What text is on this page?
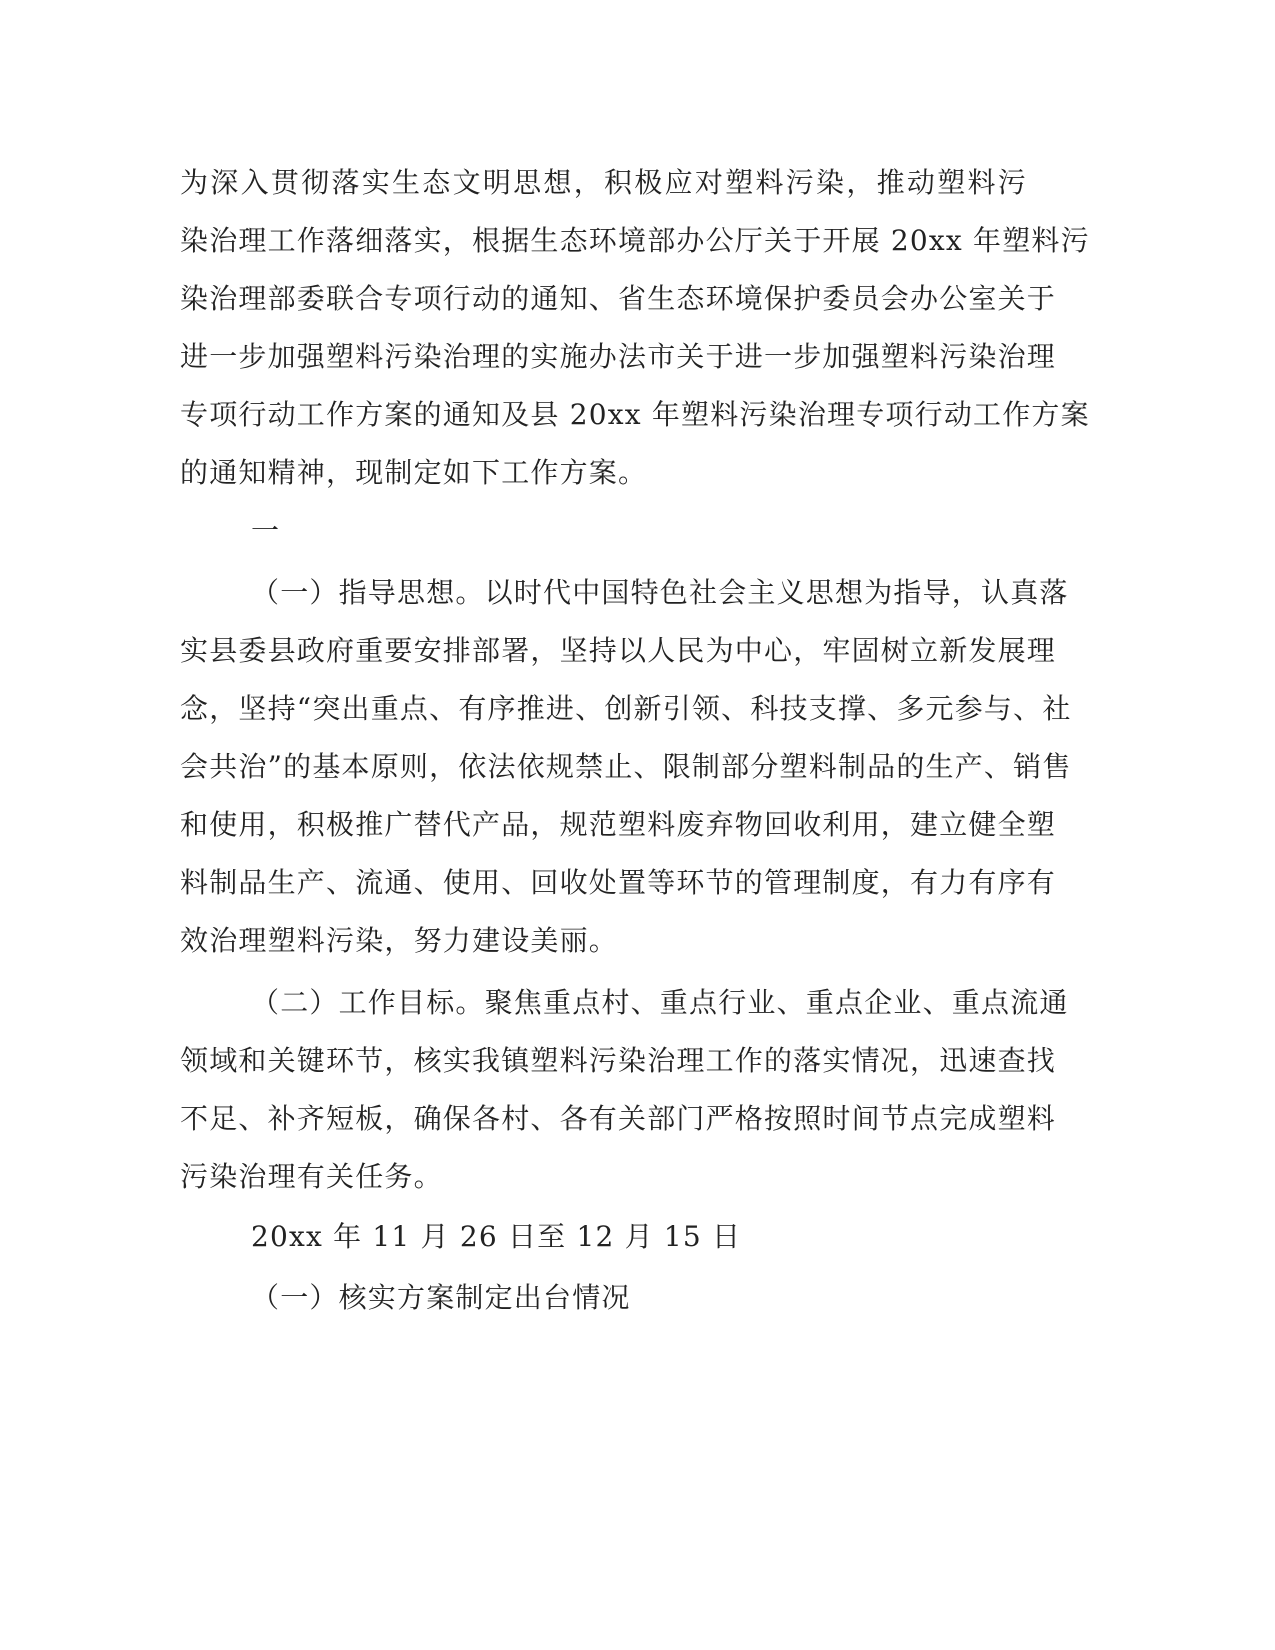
为深入贯彻落实生态文明思想，积极应对塑料污染，推动塑料污

染治理工作落细落实，根据生态环境部办公厅关于开展 20xx 年塑料污

染治理部委联合专项行动的通知、省生态环境保护委员会办公室关于

进一步加强塑料污染治理的实施办法市关于进一步加强塑料污染治理

专项行动工作方案的通知及县 20xx 年塑料污染治理专项行动工作方案

的通知精神，现制定如下工作方案。

一

（一）指导思想。以时代中国特色社会主义思想为指导，认真落

实县委县政府重要安排部署，坚持以人民为中心，牢固树立新发展理

念，坚持“突出重点、有序推进、创新引领、科技支撑、多元参与、社

会共治”的基本原则，依法依规禁止、限制部分塑料制品的生产、销售

和使用，积极推广替代产品，规范塑料废弃物回收利用，建立健全塑

料制品生产、流通、使用、回收处置等环节的管理制度，有力有序有

效治理塑料污染，努力建设美丽。

（二）工作目标。聚焦重点村、重点行业、重点企业、重点流通

领域和关键环节，核实我镇塑料污染治理工作的落实情况，迅速查找

不足、补齐短板，确保各村、各有关部门严格按照时间节点完成塑料

污染治理有关任务。

20xx 年 11 月 26 日至 12 月 15 日

（一）核实方案制定出台情况
